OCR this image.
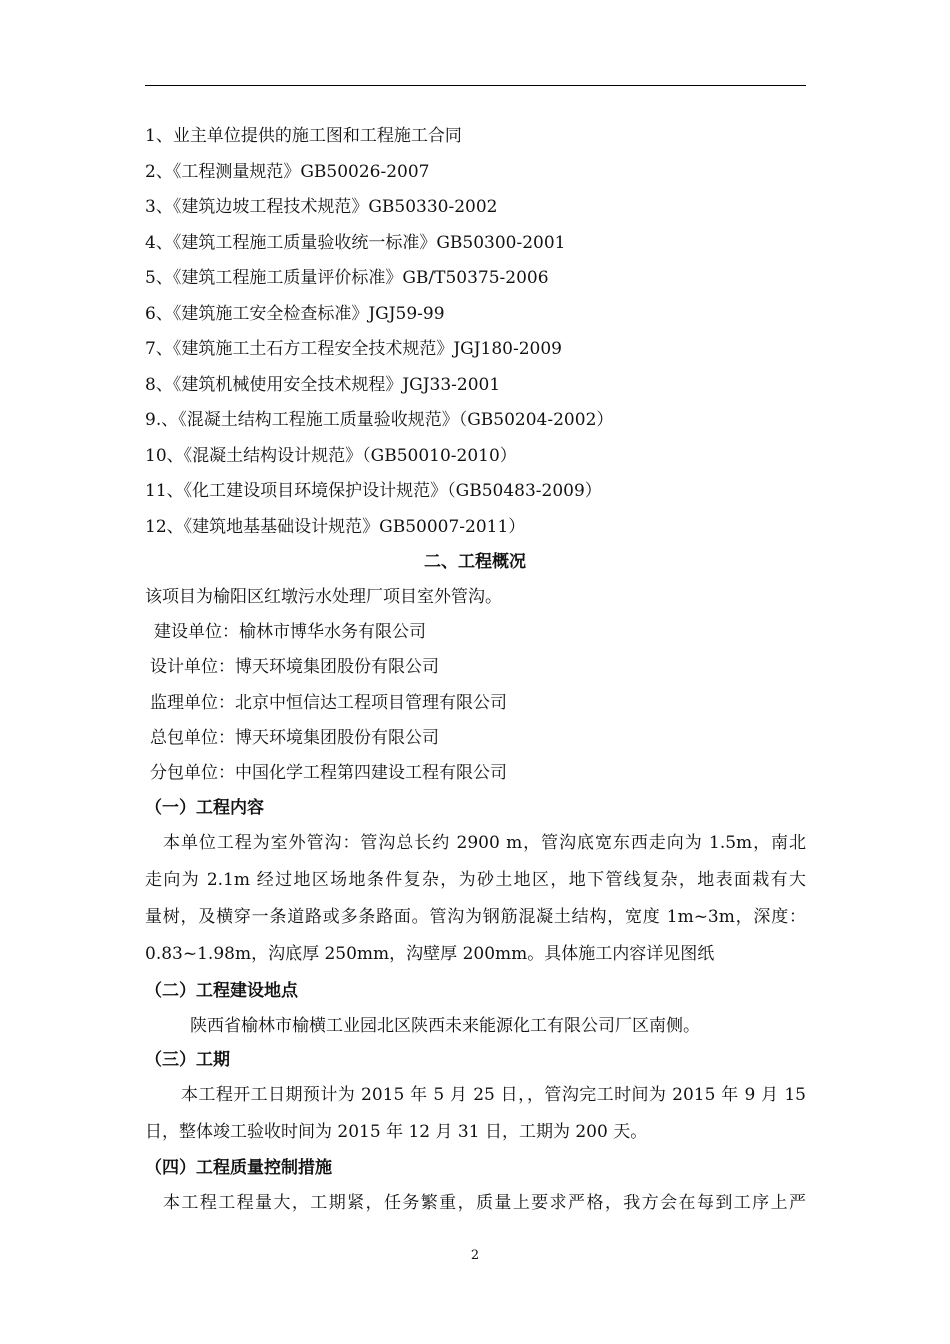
1、业主单位提供的施工图和工程施工合同
2、《工程测量规范》GB50026-2007
3、《建筑边坡工程技术规范》GB50330-2002
4、《建筑工程施工质量验收统一标准》GB50300-2001
5、《建筑工程施工质量评价标准》GB/T50375-2006
6、《建筑施工安全检查标准》JGJ59-99
7、《建筑施工土石方工程安全技术规范》JGJ180-2009
8、《建筑机械使用安全技术规程》JGJ33-2001
9.、《混凝土结构工程施工质量验收规范》（GB50204-2002）
10、《混凝土结构设计规范》（GB50010-2010）
11、《化工建设项目环境保护设计规范》（GB50483-2009）
12、《建筑地基基础设计规范》GB50007-2011）
二、工程概况
该项目为榆阳区红墩污水处理厂项目室外管沟。
建设单位：榆林市博华水务有限公司
设计单位：博天环境集团股份有限公司
监理单位：北京中恒信达工程项目管理有限公司
总包单位：博天环境集团股份有限公司
分包单位：中国化学工程第四建设工程有限公司
（一）工程内容
本单位工程为室外管沟：管沟总长约 2900 m，管沟底宽东西走向为 1.5m，南北
走向为 2.1m 经过地区场地条件复杂，为砂土地区，地下管线复杂，地表面栽有大
量树，及横穿一条道路或多条路面。管沟为钢筋混凝土结构，宽度 1m~3m，深度：
0.83~1.98m，沟底厚 250mm，沟壁厚 200mm。具体施工内容详见图纸
（二）工程建设地点
陕西省榆林市榆横工业园北区陕西未来能源化工有限公司厂区南侧。
（三）工期
本工程开工日期预计为 2015 年 5 月 25 日，，管沟完工时间为 2015 年 9 月 15
日，整体竣工验收时间为 2015 年 12 月 31 日，工期为 200 天。
（四）工程质量控制措施
本工程工程量大，工期紧，任务繁重，质量上要求严格，我方会在每到工序上严
2
